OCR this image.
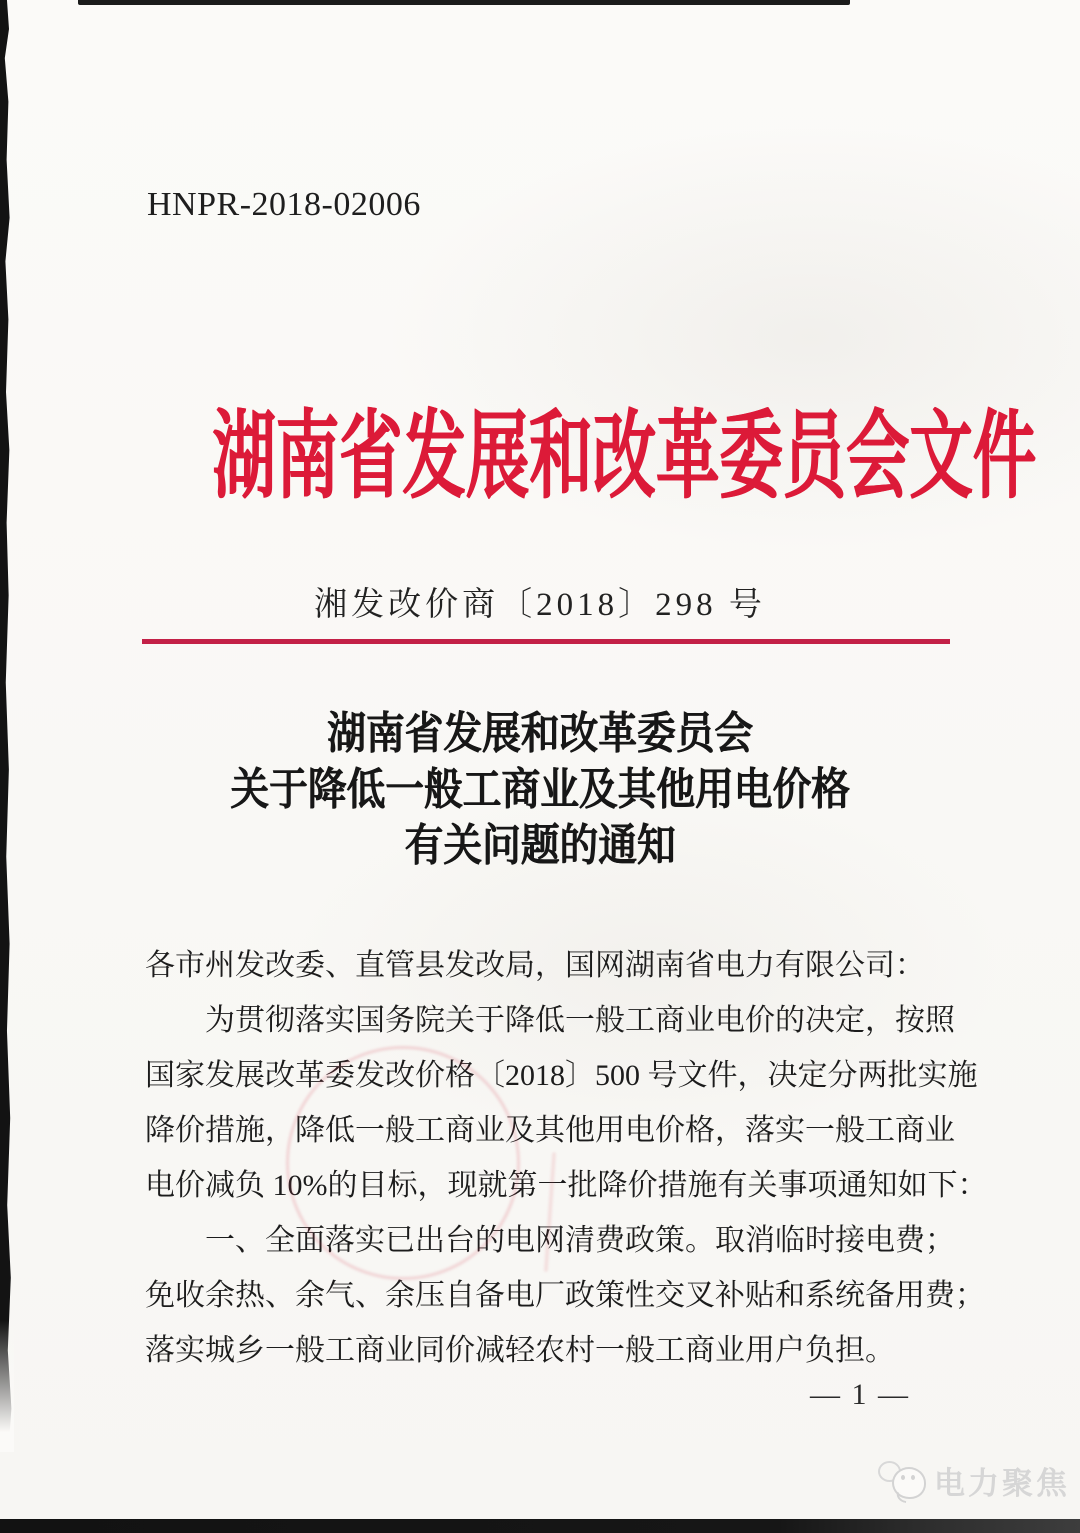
HNPR-2018-02006
湖南省发展和改革委员会文件
湘发改价商〔2018〕298 号
湖南省发展和改革委员会
关于降低一般工商业及其他用电价格
有关问题的通知
各市州发改委、直管县发改局，国网湖南省电力有限公司：
为贯彻落实国务院关于降低一般工商业电价的决定，按照
国家发展改革委发改价格〔2018〕500 号文件，决定分两批实施
降价措施，降低一般工商业及其他用电价格，落实一般工商业
电价减负 10%的目标，现就第一批降价措施有关事项通知如下：
一、全面落实已出台的电网清费政策。取消临时接电费；
免收余热、余气、余压自备电厂政策性交叉补贴和系统备用费；
落实城乡一般工商业同价减轻农村一般工商业用户负担。
— 1 —
电力聚焦
